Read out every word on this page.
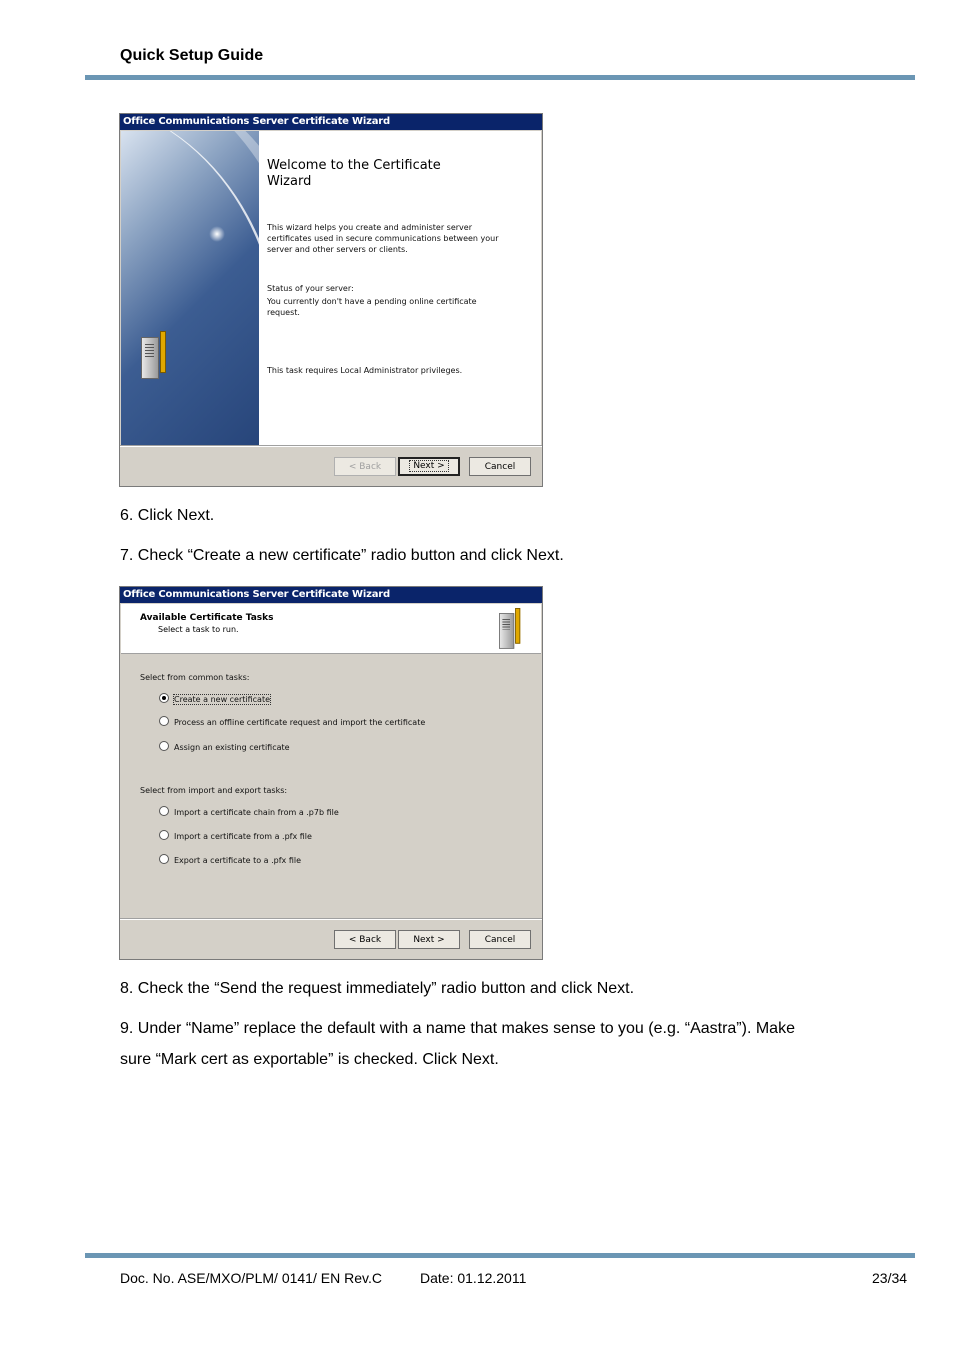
Quick Setup Guide
Office Communications Server Certificate Wizard
Welcome to the Certificate
Wizard
This wizard helps you create and administer server
certificates used in secure communications between your
server and other servers or clients.
Status of your server:
You currently don't have a pending online certificate
request.
This task requires Local Administrator privileges.
< Back	Next >	Cancel
6. Click Next.
7. Check “Create a new certificate” radio button and click Next.
Office Communications Server Certificate Wizard
Available Certificate Tasks
Select a task to run.
Select from common tasks:
Create a new certificate
Process an offline certificate request and import the certificate
Assign an existing certificate
Select from import and export tasks:
Import a certificate chain from a .p7b file
Import a certificate from a .pfx file
Export a certificate to a .pfx file
< Back	Next >	Cancel
8. Check the “Send the request immediately” radio button and click Next.
9. Under “Name” replace the default with a name that makes sense to you (e.g. “Aastra”). Make
sure “Mark cert as exportable” is checked. Click Next.
Doc. No. ASE/MXO/PLM/ 0141/ EN Rev.C	Date: 01.12.2011	23/34
